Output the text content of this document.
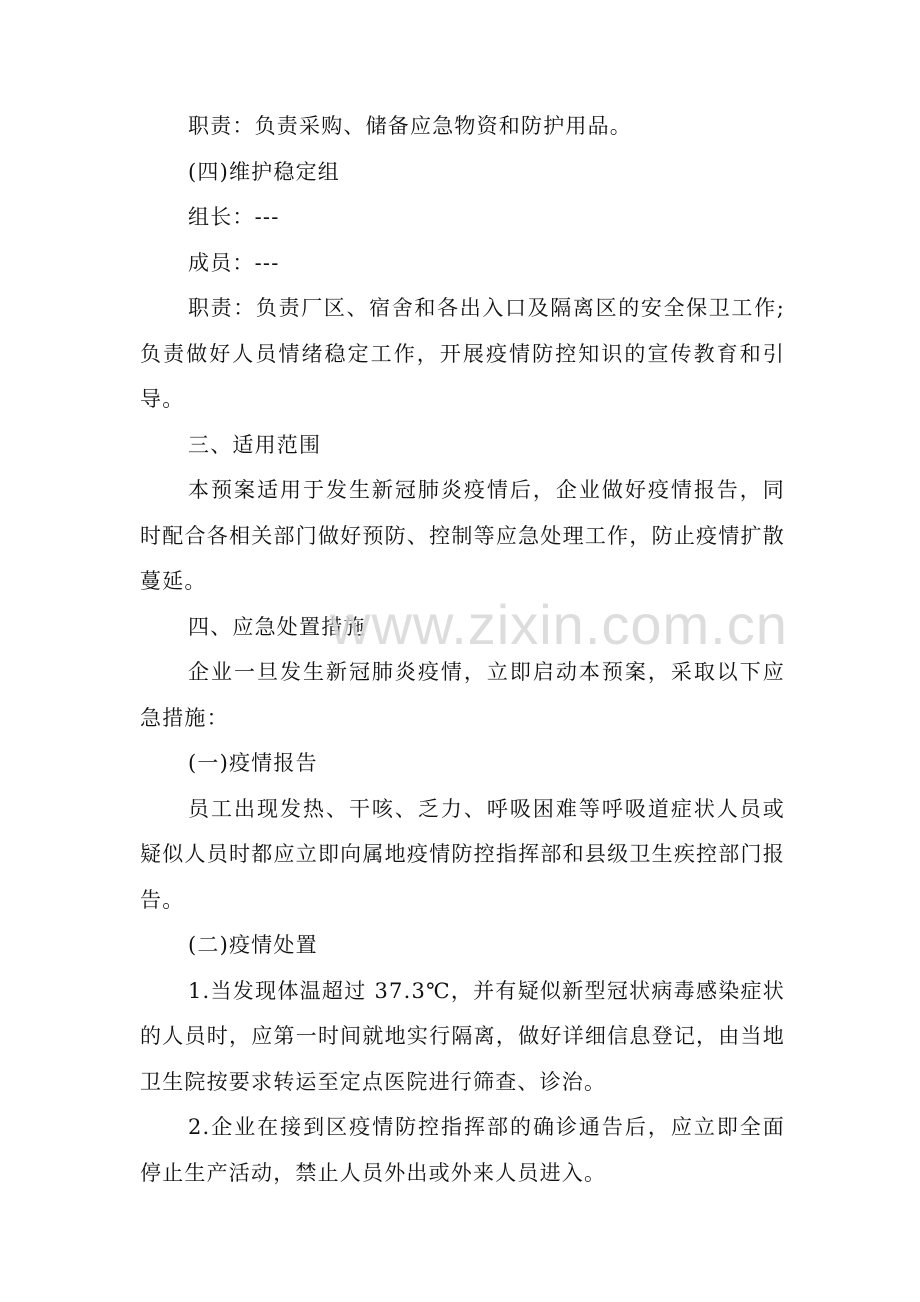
职责：负责采购、储备应急物资和防护用品。

(四)维护稳定组

组长：---

成员：---

职责：负责厂区、宿舍和各出入口及隔离区的安全保卫工作;负责做好人员情绪稳定工作，开展疫情防控知识的宣传教育和引导。

三、适用范围

本预案适用于发生新冠肺炎疫情后，企业做好疫情报告，同时配合各相关部门做好预防、控制等应急处理工作，防止疫情扩散蔓延。

四、应急处置措施

企业一旦发生新冠肺炎疫情，立即启动本预案，采取以下应急措施：

(一)疫情报告

员工出现发热、干咳、乏力、呼吸困难等呼吸道症状人员或疑似人员时都应立即向属地疫情防控指挥部和县级卫生疾控部门报告。

(二)疫情处置

1.当发现体温超过 37.3℃，并有疑似新型冠状病毒感染症状的人员时，应第一时间就地实行隔离，做好详细信息登记，由当地卫生院按要求转运至定点医院进行筛查、诊治。

2.企业在接到区疫情防控指挥部的确诊通告后，应立即全面停止生产活动，禁止人员外出或外来人员进入。

www.zixin.com.cn
